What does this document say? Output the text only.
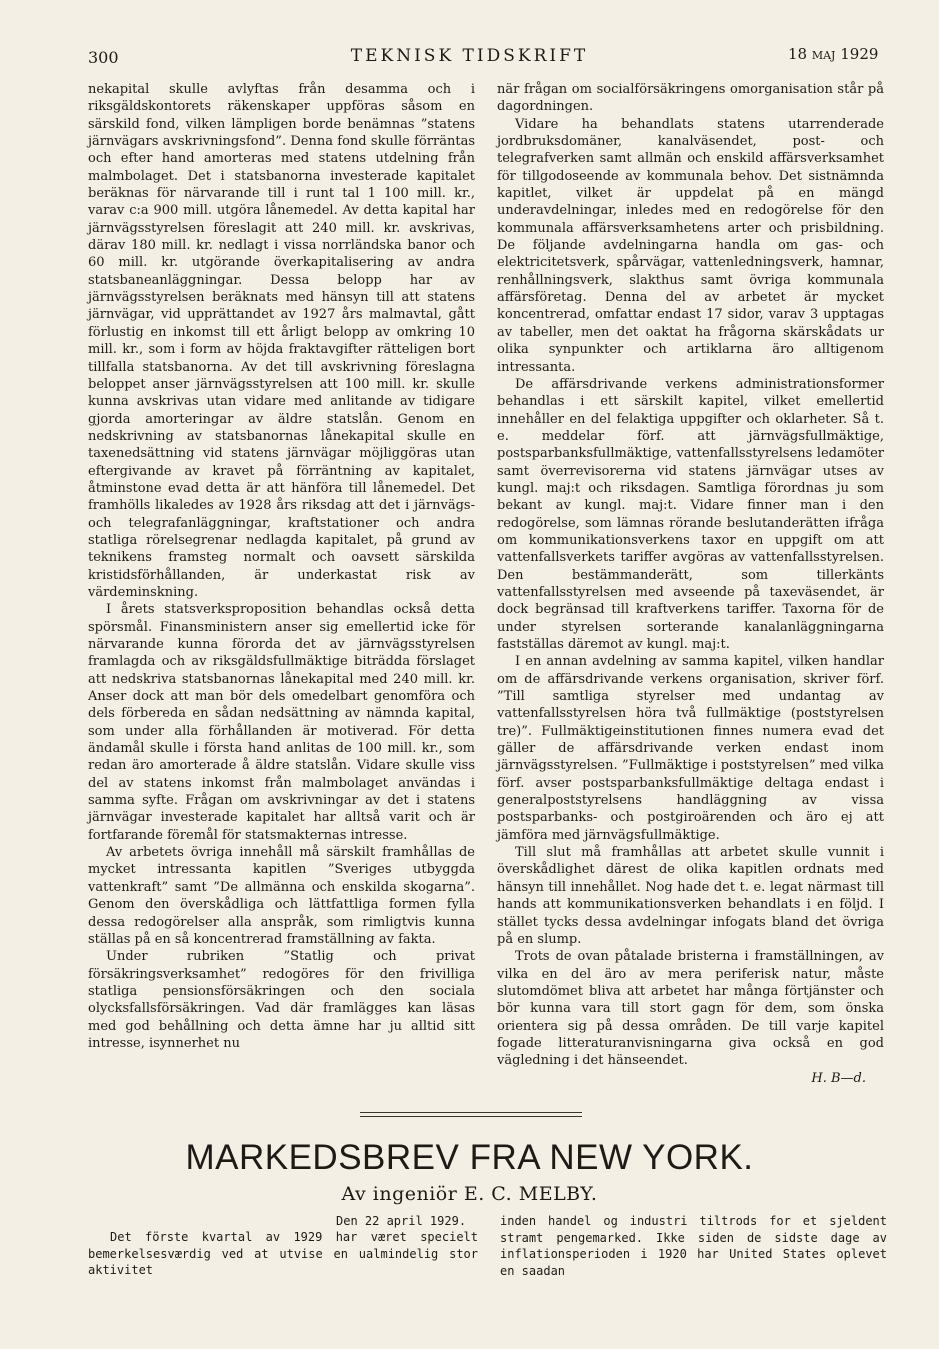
300	TEKNISK TIDSKRIFT	18 maj 1929

nekapital skulle avlyftas från desamma och i riksgäldskontorets räkenskaper uppföras såsom en särskild fond, vilken lämpligen borde benämnas ”statens järnvägars avskrivningsfond”. Denna fond skulle förräntas och efter hand amorteras med statens utdelning från malmbolaget. Det i statsbanorna investerade kapitalet beräknas för närvarande till i runt tal 1 100 mill. kr., varav c:a 900 mill. utgöra lånemedel. Av detta kapital har järnvägsstyrelsen föreslagit att 240 mill. kr. avskrivas, därav 180 mill. kr. nedlagt i vissa norrländska banor och 60 mill. kr. utgörande överkapitalisering av andra statsbaneanläggningar. Dessa belopp har av järnvägsstyrelsen beräknats med hänsyn till att statens järnvägar, vid upprättandet av 1927 års malmavtal, gått förlustig en inkomst till ett årligt belopp av omkring 10 mill. kr., som i form av höjda fraktavgifter rätteligen bort tillfalla statsbanorna. Av det till avskrivning föreslagna beloppet anser järnvägsstyrelsen att 100 mill. kr. skulle kunna avskrivas utan vidare med anlitande av tidigare gjorda amorteringar av äldre statslån. Genom en nedskrivning av statsbanornas lånekapital skulle en taxenedsättning vid statens järnvägar möjliggöras utan eftergivande av kravet på förräntning av kapitalet, åtminstone evad detta är att hänföra till lånemedel. Det framhölls likaledes av 1928 års riksdag att det i järnvägs- och telegrafanläggningar, kraftstationer och andra statliga rörelsegrenar nedlagda kapitalet, på grund av teknikens framsteg normalt och oavsett särskilda kristidsförhållanden, är underkastat risk av värdeminskning.

I årets statsverksproposition behandlas också detta spörsmål. Finansministern anser sig emellertid icke för närvarande kunna förorda det av järnvägsstyrelsen framlagda och av riksgäldsfullmäktige biträdda förslaget att nedskriva statsbanornas lånekapital med 240 mill. kr. Anser dock att man bör dels omedelbart genomföra och dels förbereda en sådan nedsättning av nämnda kapital, som under alla förhållanden är motiverad. För detta ändamål skulle i första hand anlitas de 100 mill. kr., som redan äro amorterade å äldre statslån. Vidare skulle viss del av statens inkomst från malmbolaget användas i samma syfte. Frågan om avskrivningar av det i statens järnvägar investerade kapitalet har alltså varit och är fortfarande föremål för statsmakternas intresse.

Av arbetets övriga innehåll må särskilt framhållas de mycket intressanta kapitlen ”Sveriges utbyggda vattenkraft” samt ”De allmänna och enskilda skogarna”. Genom den överskådliga och lättfattliga formen fylla dessa redogörelser alla anspråk, som rimligtvis kunna ställas på en så koncentrerad framställning av fakta.

Under rubriken ”Statlig och privat försäkringsverksamhet” redogöres för den frivilliga statliga pensionsförsäkringen och den sociala olycksfallsförsäkringen. Vad där framlägges kan läsas med god behållning och detta ämne har ju alltid sitt intresse, isynnerhet nu

när frågan om socialförsäkringens omorganisation står på dagordningen.

Vidare ha behandlats statens utarrenderade jordbruksdomäner, kanalväsendet, post- och telegrafverken samt allmän och enskild affärsverksamhet för tillgodoseende av kommunala behov. Det sistnämnda kapitlet, vilket är uppdelat på en mängd underavdelningar, inledes med en redogörelse för den kommunala affärsverksamhetens arter och prisbildning. De följande avdelningarna handla om gas- och elektricitetsverk, spårvägar, vattenledningsverk, hamnar, renhållningsverk, slakthus samt övriga kommunala affärsföretag. Denna del av arbetet är mycket koncentrerad, omfattar endast 17 sidor, varav 3 upptagas av tabeller, men det oaktat ha frågorna skärskådats ur olika synpunkter och artiklarna äro alltigenom intressanta.

De affärsdrivande verkens administrationsformer behandlas i ett särskilt kapitel, vilket emellertid innehåller en del felaktiga uppgifter och oklarheter. Så t. e. meddelar förf. att järnvägsfullmäktige, postsparbanksfullmäktige, vattenfallsstyrelsens ledamöter samt överrevisorerna vid statens järnvägar utses av kungl. maj:t och riksdagen. Samtliga förordnas ju som bekant av kungl. maj:t. Vidare finner man i den redogörelse, som lämnas rörande beslutanderätten ifråga om kommunikationsverkens taxor en uppgift om att vattenfallsverkets tariffer avgöras av vattenfallsstyrelsen. Den bestämmanderätt, som tillerkänts vattenfallsstyrelsen med avseende på taxeväsendet, är dock begränsad till kraftverkens tariffer. Taxorna för de under styrelsen sorterande kanalanläggningarna fastställas däremot av kungl. maj:t.

I en annan avdelning av samma kapitel, vilken handlar om de affärsdrivande verkens organisation, skriver förf. ”Till samtliga styrelser med undantag av vattenfallsstyrelsen höra två fullmäktige (poststyrelsen tre)”. Fullmäktigeinstitutionen finnes numera evad det gäller de affärsdrivande verken endast inom järnvägsstyrelsen. ”Fullmäktige i poststyrelsen” med vilka förf. avser postsparbanksfullmäktige deltaga endast i generalpoststyrelsens handläggning av vissa postsparbanks- och postgiroärenden och äro ej att jämföra med järnvägsfullmäktige.

Till slut må framhållas att arbetet skulle vunnit i överskådlighet därest de olika kapitlen ordnats med hänsyn till innehållet. Nog hade det t. e. legat närmast till hands att kommunikationsverken behandlats i en följd. I stället tycks dessa avdelningar infogats bland det övriga på en slump.

Trots de ovan påtalade bristerna i framställningen, av vilka en del äro av mera periferisk natur, måste slutomdömet bliva att arbetet har många förtjänster och bör kunna vara till stort gagn för dem, som önska orientera sig på dessa områden. De till varje kapitel fogade litteraturanvisningarna giva också en god vägledning i det hänseendet.

H. B—d.
MARKEDSBREV FRA NEW YORK.
Av ingeniör E. C. MELBY.
Den 22 april 1929.

Det förste kvartal av 1929 har været specielt bemerkelsesværdig ved at utvise en ualmindelig stor aktivitet

inden handel og industri tiltrods for et sjeldent stramt pengemarked. Ikke siden de sidste dage av inflationsperioden i 1920 har United States oplevet en saadan
